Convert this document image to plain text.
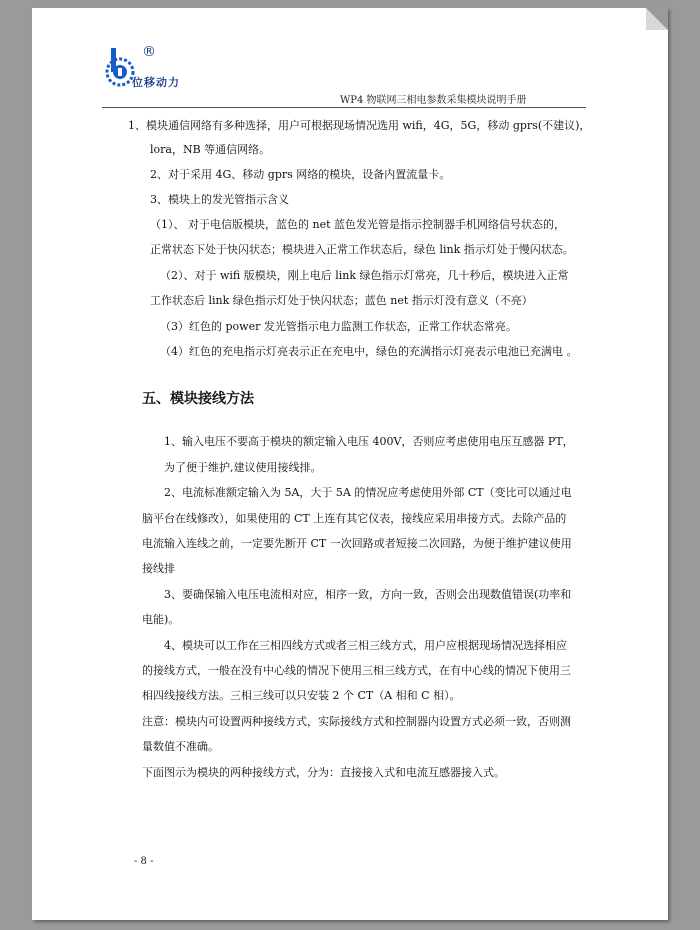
®
位移动力
WP4 物联网三相电参数采集模块说明手册
1、模块通信网络有多种选择，用户可根据现场情况选用 wifi，4G，5G，移动 gprs(不建议)，
lora，NB 等通信网络。
2、对于采用 4G、移动 gprs 网络的模块，设备内置流量卡。
3、模块上的发光管指示含义
（1）、 对于电信版模块，蓝色的 net 蓝色发光管是指示控制器手机网络信号状态的，
正常状态下处于快闪状态；模块进入正常工作状态后，绿色 link 指示灯处于慢闪状态。
（2）、对于 wifi 版模块，刚上电后 link 绿色指示灯常亮，几十秒后，模块进入正常
工作状态后 link 绿色指示灯处于快闪状态；蓝色 net 指示灯没有意义（不亮）
（3）红色的 power 发光管指示电力监测工作状态，正常工作状态常亮。
（4）红色的充电指示灯亮表示正在充电中，绿色的充满指示灯亮表示电池已充满电 。
五、模块接线方法
1、输入电压不要高于模块的额定输入电压 400V，否则应考虑使用电压互感器 PT，
为了便于维护,建议使用接线排。
2、电流标准额定输入为 5A，大于 5A 的情况应考虑使用外部 CT（变比可以通过电
脑平台在线修改），如果使用的 CT 上连有其它仪表，接线应采用串接方式。去除产品的
电流输入连线之前，一定要先断开 CT 一次回路或者短接二次回路，为便于维护建议使用
接线排
3、要确保输入电压电流相对应，相序一致，方向一致，否则会出现数值错误(功率和
电能)。
4、模块可以工作在三相四线方式或者三相三线方式，用户应根据现场情况选择相应
的接线方式，一般在没有中心线的情况下使用三相三线方式，在有中心线的情况下使用三
相四线接线方法。三相三线可以只安装 2 个 CT（A 相和 C 相）。
注意：模块内可设置两种接线方式，实际接线方式和控制器内设置方式必须一致，否则测
量数值不准确。
下面图示为模块的两种接线方式，分为：直接接入式和电流互感器接入式。
- 8 -
